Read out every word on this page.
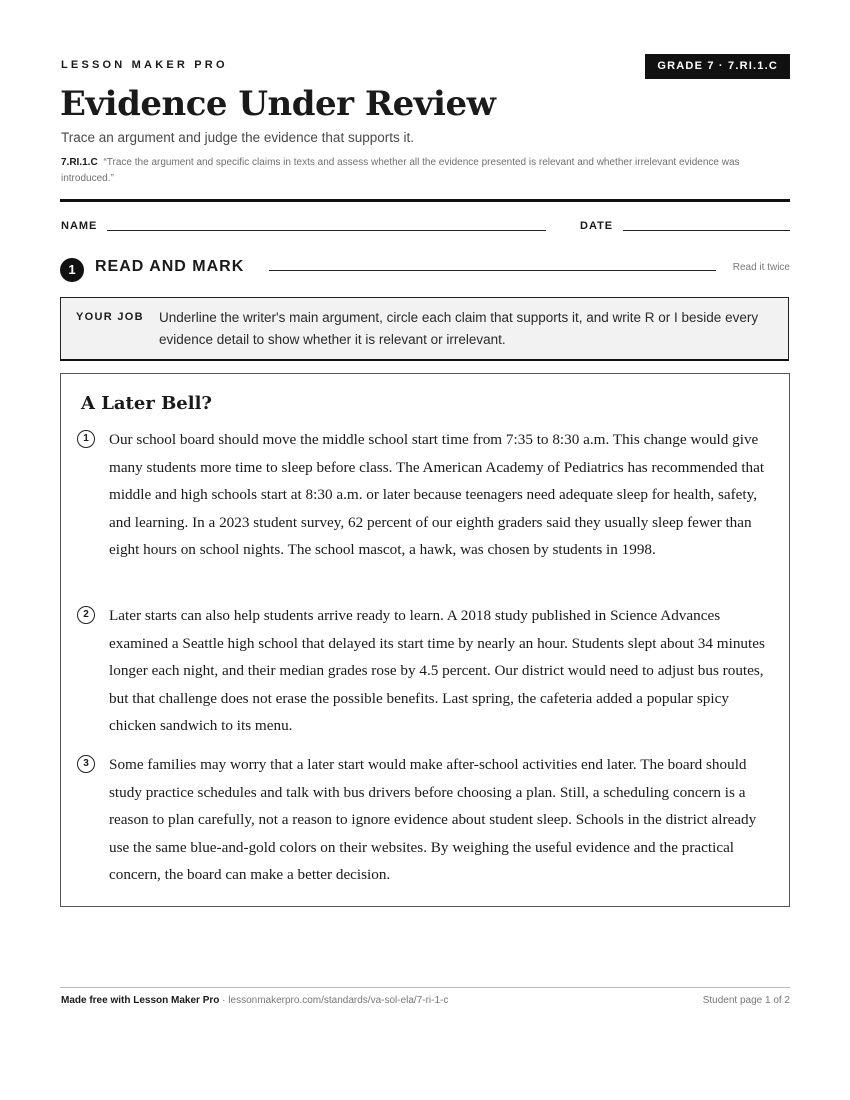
LESSON MAKER PRO	GRADE 7 · 7.RI.1.C
Evidence Under Review
Trace an argument and judge the evidence that supports it.
7.RI.1.C “Trace the argument and specific claims in texts and assess whether all the evidence presented is relevant and whether irrelevant evidence was introduced.”
NAME	DATE
1	READ AND MARK	Read it twice
YOUR JOB Underline the writer's main argument, circle each claim that supports it, and write R or I beside every evidence detail to show whether it is relevant or irrelevant.
A Later Bell?
1	Our school board should move the middle school start time from 7:35 to 8:30 a.m. This change would give many students more time to sleep before class. The American Academy of Pediatrics has recommended that middle and high schools start at 8:30 a.m. or later because teenagers need adequate sleep for health, safety, and learning. In a 2023 student survey, 62 percent of our eighth graders said they usually sleep fewer than eight hours on school nights. The school mascot, a hawk, was chosen by students in 1998.

2	Later starts can also help students arrive ready to learn. A 2018 study published in Science Advances examined a Seattle high school that delayed its start time by nearly an hour. Students slept about 34 minutes longer each night, and their median grades rose by 4.5 percent. Our district would need to adjust bus routes, but that challenge does not erase the possible benefits. Last spring, the cafeteria added a popular spicy chicken sandwich to its menu.

3	Some families may worry that a later start would make after-school activities end later. The board should study practice schedules and talk with bus drivers before choosing a plan. Still, a scheduling concern is a reason to plan carefully, not a reason to ignore evidence about student sleep. Schools in the district already use the same blue-and-gold colors on their websites. By weighing the useful evidence and the practical concern, the board can make a better decision.

Made free with Lesson Maker Pro · lessonmakerpro.com/standards/va-sol-ela/7-ri-1-c	Student page 1 of 2
